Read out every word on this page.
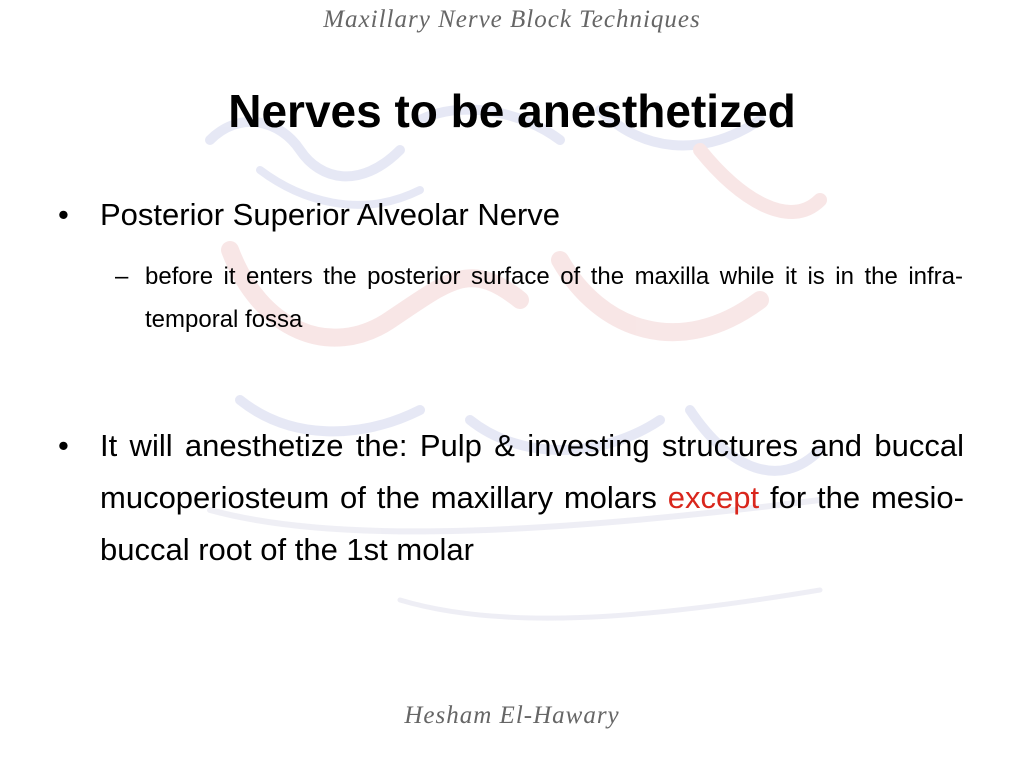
Maxillary Nerve Block Techniques
Nerves to be anesthetized
•	Posterior Superior Alveolar Nerve
– before it enters the posterior surface of the maxilla while it is in the infra-temporal fossa
•	It will anesthetize the: Pulp & investing structures and buccal mucoperiosteum of the maxillary molars except for the mesio-buccal root of the 1st molar
Hesham El-Hawary
